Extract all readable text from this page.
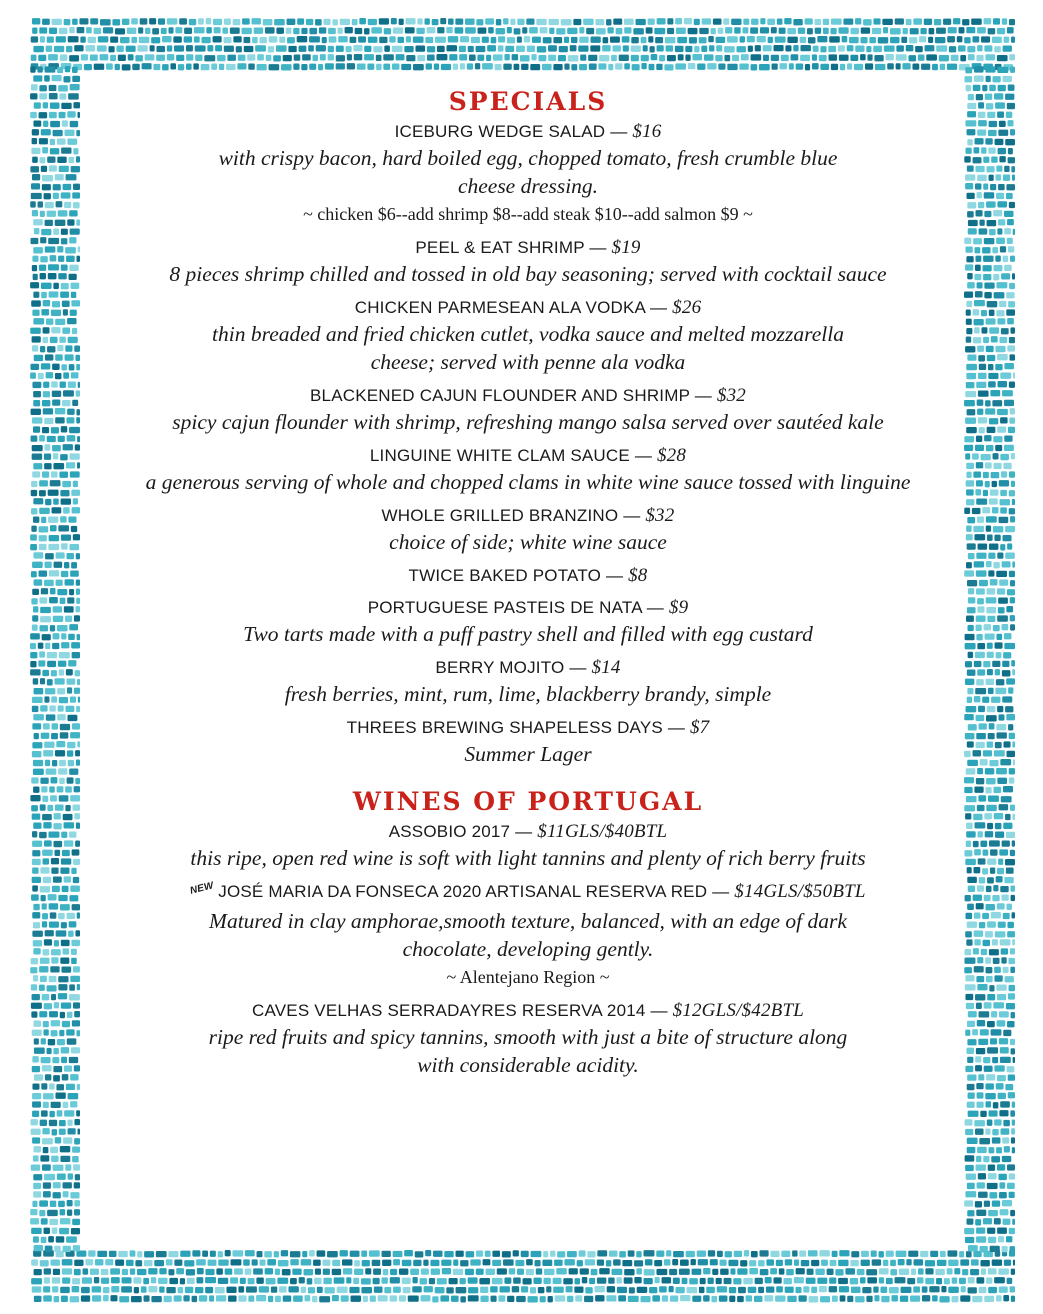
SPECIALS
ICEBURG WEDGE SALAD — $16
with crispy bacon, hard boiled egg, chopped tomato, fresh crumble blue
cheese dressing.
~ chicken $6--add shrimp $8--add steak $10--add salmon $9 ~
PEEL & EAT SHRIMP — $19
8 pieces shrimp chilled and tossed in old bay seasoning; served with cocktail sauce
CHICKEN PARMESEAN ALA VODKA — $26
thin breaded and fried chicken cutlet, vodka sauce and melted mozzarella
cheese; served with penne ala vodka
BLACKENED CAJUN FLOUNDER AND SHRIMP — $32
spicy cajun flounder with shrimp, refreshing mango salsa served over sautéed kale
LINGUINE WHITE CLAM SAUCE — $28
a generous serving of whole and chopped clams in white wine sauce tossed with linguine
WHOLE GRILLED BRANZINO — $32
choice of side; white wine sauce
TWICE BAKED POTATO — $8
PORTUGUESE PASTEIS DE NATA — $9
Two tarts made with a puff pastry shell and filled with egg custard
BERRY MOJITO — $14
fresh berries, mint, rum, lime, blackberry brandy, simple
THREES BREWING SHAPELESS DAYS — $7
Summer Lager
WINES OF PORTUGAL
ASSOBIO 2017 — $11GLS/$40BTL
this ripe, open red wine is soft with light tannins and plenty of rich berry fruits
NEW JOSÉ MARIA DA FONSECA 2020 ARTISANAL RESERVA RED — $14GLS/$50BTL
Matured in clay amphorae,smooth texture, balanced, with an edge of dark
chocolate, developing gently.
~ Alentejano Region ~
CAVES VELHAS SERRADAYRES RESERVA 2014 — $12GLS/$42BTL
ripe red fruits and spicy tannins, smooth with just a bite of structure along
with considerable acidity.
